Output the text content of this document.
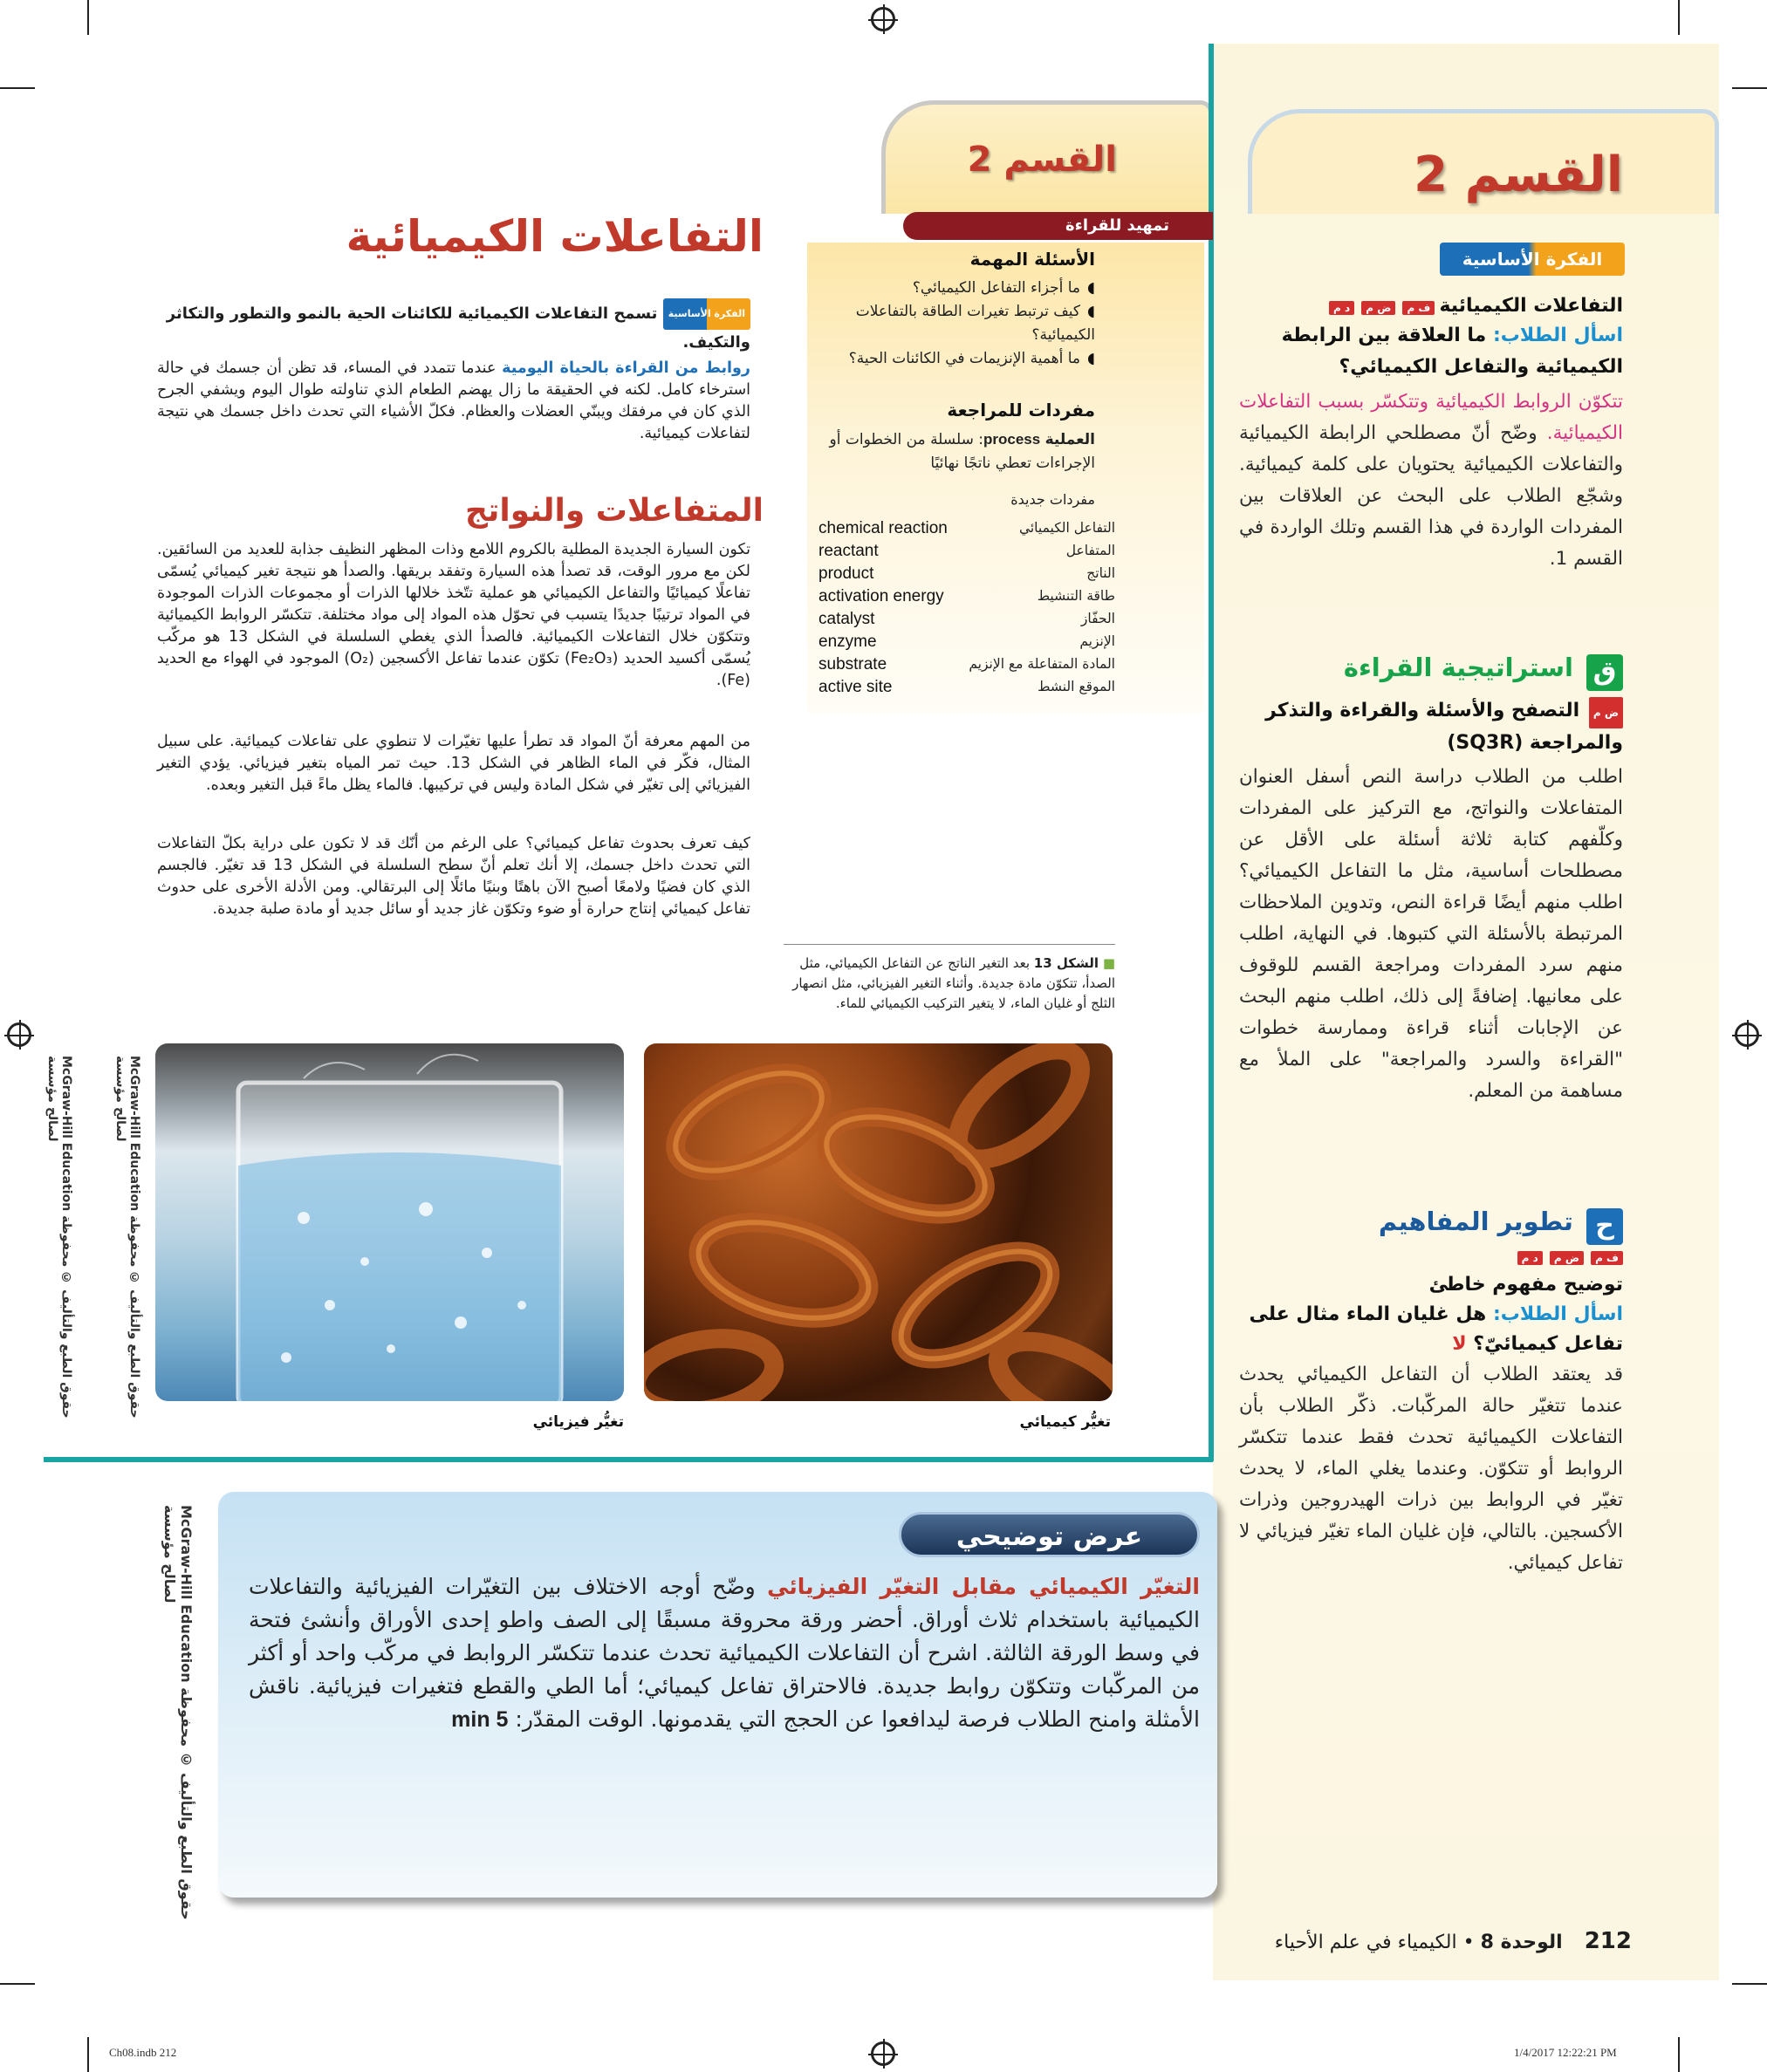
القسم 2
الفكرة الأساسية
التفاعلات الكيميائية ف م ض م د م
اسأل الطلاب: ما العلاقة بين الرابطة الكيميائية والتفاعل الكيميائي؟
تتكوّن الروابط الكيميائية وتتكسّر بسبب التفاعلات الكيميائية. وضّح أنّ مصطلحي الرابطة الكيميائية والتفاعلات الكيميائية يحتويان على كلمة كيميائية. وشجّع الطلاب على البحث عن العلاقات بين المفردات الواردة في هذا القسم وتلك الواردة في القسم 1.
ق استراتيجية القراءة
ض م التصفح والأسئلة والقراءة والتذكر والمراجعة (SQ3R)
اطلب من الطلاب دراسة النص أسفل العنوان المتفاعلات والنواتج، مع التركيز على المفردات وكلّفهم كتابة ثلاثة أسئلة على الأقل عن مصطلحات أساسية، مثل ما التفاعل الكيميائي؟ اطلب منهم أيضًا قراءة النص، وتدوين الملاحظات المرتبطة بالأسئلة التي كتبوها. في النهاية، اطلب منهم سرد المفردات ومراجعة القسم للوقوف على معانيها. إضافةً إلى ذلك، اطلب منهم البحث عن الإجابات أثناء قراءة وممارسة خطوات "القراءة والسرد والمراجعة" على الملأ مع مساهمة من المعلم.
ح تطوير المفاهيم
ف م ض م د م
توضيح مفهوم خاطئ
اسأل الطلاب: هل غليان الماء مثال على تفاعل كيميائيّ؟ لا
قد يعتقد الطلاب أن التفاعل الكيميائي يحدث عندما تتغيّر حالة المركّبات. ذكّر الطلاب بأن التفاعلات الكيميائية تحدث فقط عندما تتكسّر الروابط أو تتكوّن. وعندما يغلي الماء، لا يحدث تغيّر في الروابط بين ذرات الهيدروجين وذرات الأكسجين. بالتالي، فإن غليان الماء تغيّر فيزيائي لا تفاعل كيميائي.
القسم 2
تمهيد للقراءة
الأسئلة المهمة
◖ما أجزاء التفاعل الكيميائي؟
◖كيف ترتبط تغيرات الطاقة بالتفاعلات الكيميائية؟
◖ما أهمية الإنزيمات في الكائنات الحية؟
مفردات للمراجعة
العملية process: سلسلة من الخطوات أو الإجراءات تعطي ناتجًا نهائيًا
مفردات جديدة
chemical reaction	التفاعل الكيميائي
reactant	المتفاعل
product	الناتج
activation energy	طاقة التنشيط
catalyst	الحفّاز
enzyme	الإنزيم
substrate	المادة المتفاعلة مع الإنزيم
active site	الموقع النشط
التفاعلات الكيميائية
الفكرة الأساسية تسمح التفاعلات الكيميائية للكائنات الحية بالنمو والتطور والتكاثر والتكيف.
روابط من القراءة بالحياة اليومية عندما تتمدد في المساء، قد تظن أن جسمك في حالة استرخاء كامل. لكنه في الحقيقة ما زال يهضم الطعام الذي تناولته طوال اليوم ويشفي الجرح الذي كان في مرفقك ويبنّي العضلات والعظام. فكلّ الأشياء التي تحدث داخل جسمك هي نتيجة لتفاعلات كيميائية.
المتفاعلات والنواتج
تكون السيارة الجديدة المطلية بالكروم اللامع وذات المظهر النظيف جذابة للعديد من السائقين. لكن مع مرور الوقت، قد تصدأ هذه السيارة وتفقد بريقها. والصدأ هو نتيجة تغير كيميائي يُسمّى تفاعلًا كيميائيًا والتفاعل الكيميائي هو عملية تتّخذ خلالها الذرات أو مجموعات الذرات الموجودة في المواد ترتيبًا جديدًا يتسبب في تحوّل هذه المواد إلى مواد مختلفة. تتكسّر الروابط الكيميائية وتتكوّن خلال التفاعلات الكيميائية. فالصدأ الذي يغطي السلسلة في الشكل 13 هو مركّب يُسمّى أكسيد الحديد (Fe₂O₃) تكوّن عندما تفاعل الأكسجين (O₂) الموجود في الهواء مع الحديد (Fe).
من المهم معرفة أنّ المواد قد تطرأ عليها تغيّرات لا تنطوي على تفاعلات كيميائية. على سبيل المثال، فكّر في الماء الظاهر في الشكل 13. حيث تمر المياه بتغير فيزيائي. يؤدي التغير الفيزيائي إلى تغيّر في شكل المادة وليس في تركيبها. فالماء يظل ماءً قبل التغير وبعده.
كيف تعرف بحدوث تفاعل كيميائي؟ على الرغم من أنّك قد لا تكون على دراية بكلّ التفاعلات التي تحدث داخل جسمك، إلا أنك تعلم أنّ سطح السلسلة في الشكل 13 قد تغيّر. فالجسم الذي كان فضيًا ولامعًا أصبح الآن باهتًا وبنيًا مائلًا إلى البرتقالي. ومن الأدلة الأخرى على حدوث تفاعل كيميائي إنتاج حرارة أو ضوء وتكوّن غاز جديد أو سائل جديد أو مادة صلبة جديدة.
■ الشكل 13 بعد التغير الناتج عن التفاعل الكيميائي، مثل الصدأ، تتكوّن مادة جديدة. وأثناء التغير الفيزيائي، مثل انصهار الثلج أو غليان الماء، لا يتغير التركيب الكيميائي للماء.
تغيُّر كيميائي
تغيُّر فيزيائي
McGraw-Hill Education حقوق الطبع والتأليف © محفوظة لصالح مؤسسة	McGraw-Hill Education حقوق الطبع والتأليف © محفوظة لصالح مؤسسة
McGraw-Hill Education حقوق الطبع والتأليف © محفوظة لصالح مؤسسة	عرض توضيحي
التغيّر الكيميائي مقابل التغيّر الفيزيائي وضّح أوجه الاختلاف بين التغيّرات الفيزيائية والتفاعلات الكيميائية باستخدام ثلاث أوراق. أحضر ورقة محروقة مسبقًا إلى الصف واطو إحدى الأوراق وأنشئ فتحة في وسط الورقة الثالثة. اشرح أن التفاعلات الكيميائية تحدث عندما تتكسّر الروابط في مركّب واحد أو أكثر من المركّبات وتتكوّن روابط جديدة. فالاحتراق تفاعل كيميائي؛ أما الطي والقطع فتغيرات فيزيائية. ناقش الأمثلة وامنح الطلاب فرصة ليدافعوا عن الحجج التي يقدمونها. الوقت المقدّر: 5 min
212 الوحدة 8 • الكيمياء في علم الأحياء
Ch08.indb 212	1/4/2017 12:22:21 PM
